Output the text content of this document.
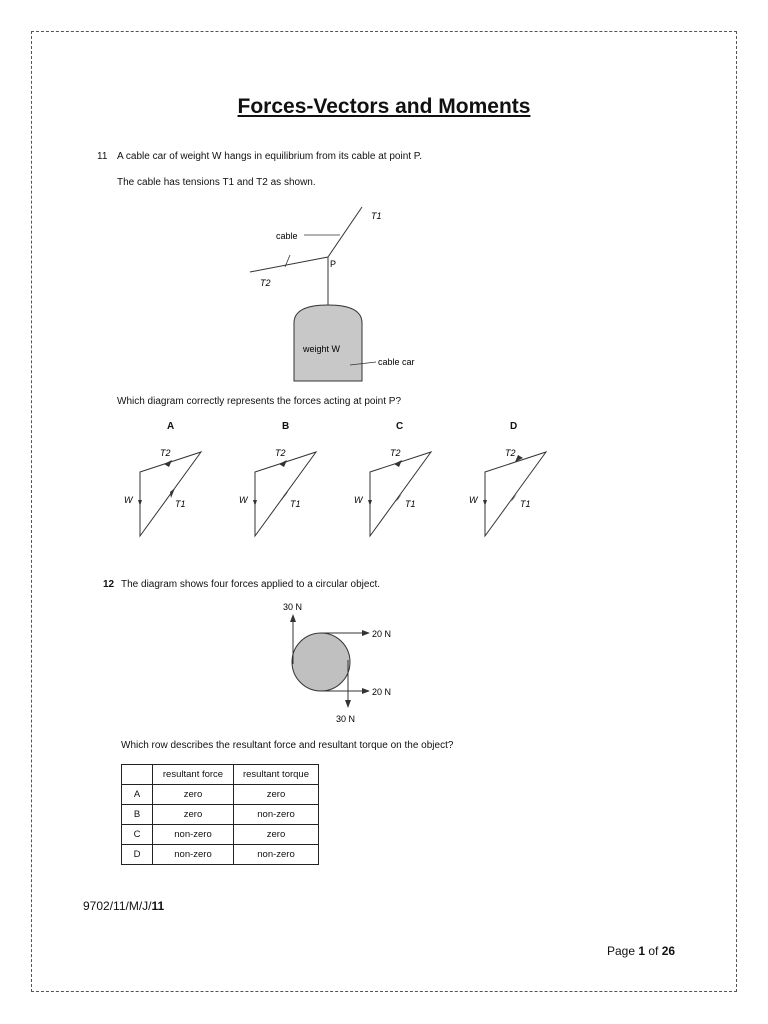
Forces-Vectors and Moments
11 A cable car of weight W hangs in equilibrium from its cable at point P.
The cable has tensions T1 and T2 as shown.
cable
P
T1
T2
weight W
cable car
Which diagram correctly represents the forces acting at point P?
A	B	C	D
T2
W	T1
T2
W	T1
T2
W	T1
T2
W	T1
12 The diagram shows four forces applied to a circular object.
30 N
20 N
20 N
30 N
Which row describes the resultant force and resultant torque on the object?
	resultant force	resultant torque
A	zero	zero
B	zero	non-zero
C	non-zero	zero
D	non-zero	non-zero
9702/11/M/J/11
Page 1 of 26
